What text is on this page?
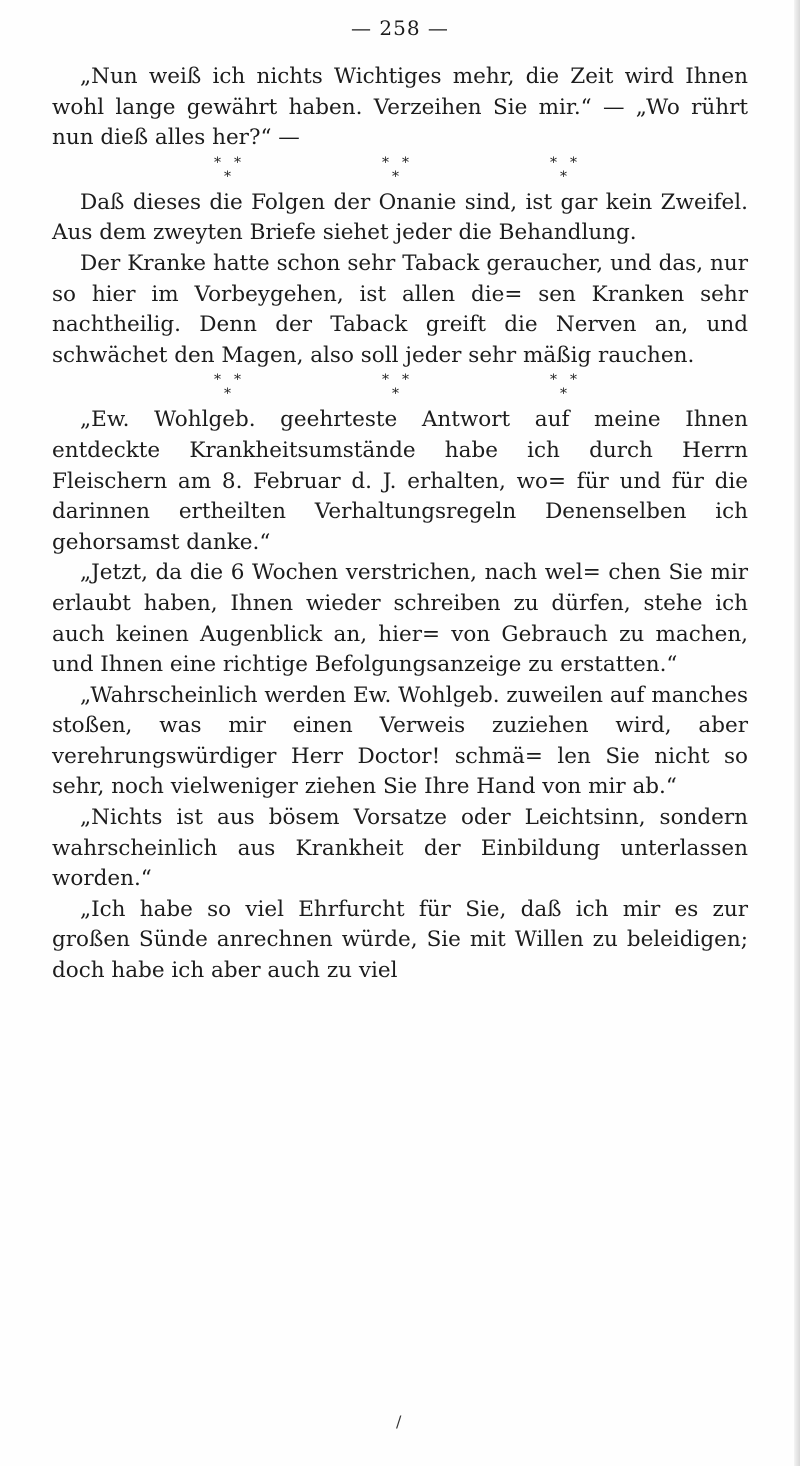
— 258 —

„Nun weiß ich nichts Wichtiges mehr, die Zeit wird Ihnen wohl lange gewährt haben. Verzeihen Sie mir.“ — „Wo rührt nun dieß alles her?“ —

* *
*
* *
*
* *
*

Daß dieses die Folgen der Onanie sind, ist gar kein Zweifel. Aus dem zweyten Briefe siehet jeder die Behandlung.

Der Kranke hatte schon sehr Taback geraucher, und das, nur so hier im Vorbeygehen, ist allen die= sen Kranken sehr nachtheilig. Denn der Taback greift die Nerven an, und schwächet den Magen, also soll jeder sehr mäßig rauchen.

* *
*
* *
*
* *
*

„Ew. Wohlgeb. geehrteste Antwort auf meine Ihnen entdeckte Krankheitsumstände habe ich durch Herrn Fleischern am 8. Februar d. J. erhalten, wo= für und für die darinnen ertheilten Verhaltungsregeln Denenselben ich gehorsamst danke.“

„Jetzt, da die 6 Wochen verstrichen, nach wel= chen Sie mir erlaubt haben, Ihnen wieder schreiben zu dürfen, stehe ich auch keinen Augenblick an, hier= von Gebrauch zu machen, und Ihnen eine richtige Befolgungsanzeige zu erstatten.“

„Wahrscheinlich werden Ew. Wohlgeb. zuweilen auf manches stoßen, was mir einen Verweis zuziehen wird, aber verehrungswürdiger Herr Doctor! schmä= len Sie nicht so sehr, noch vielweniger ziehen Sie Ihre Hand von mir ab.“

„Nichts ist aus bösem Vorsatze oder Leichtsinn, sondern wahrscheinlich aus Krankheit der Einbildung unterlassen worden.“

„Ich habe so viel Ehrfurcht für Sie, daß ich mir es zur großen Sünde anrechnen würde, Sie mit Willen zu beleidigen; doch habe ich aber auch zu viel

/
